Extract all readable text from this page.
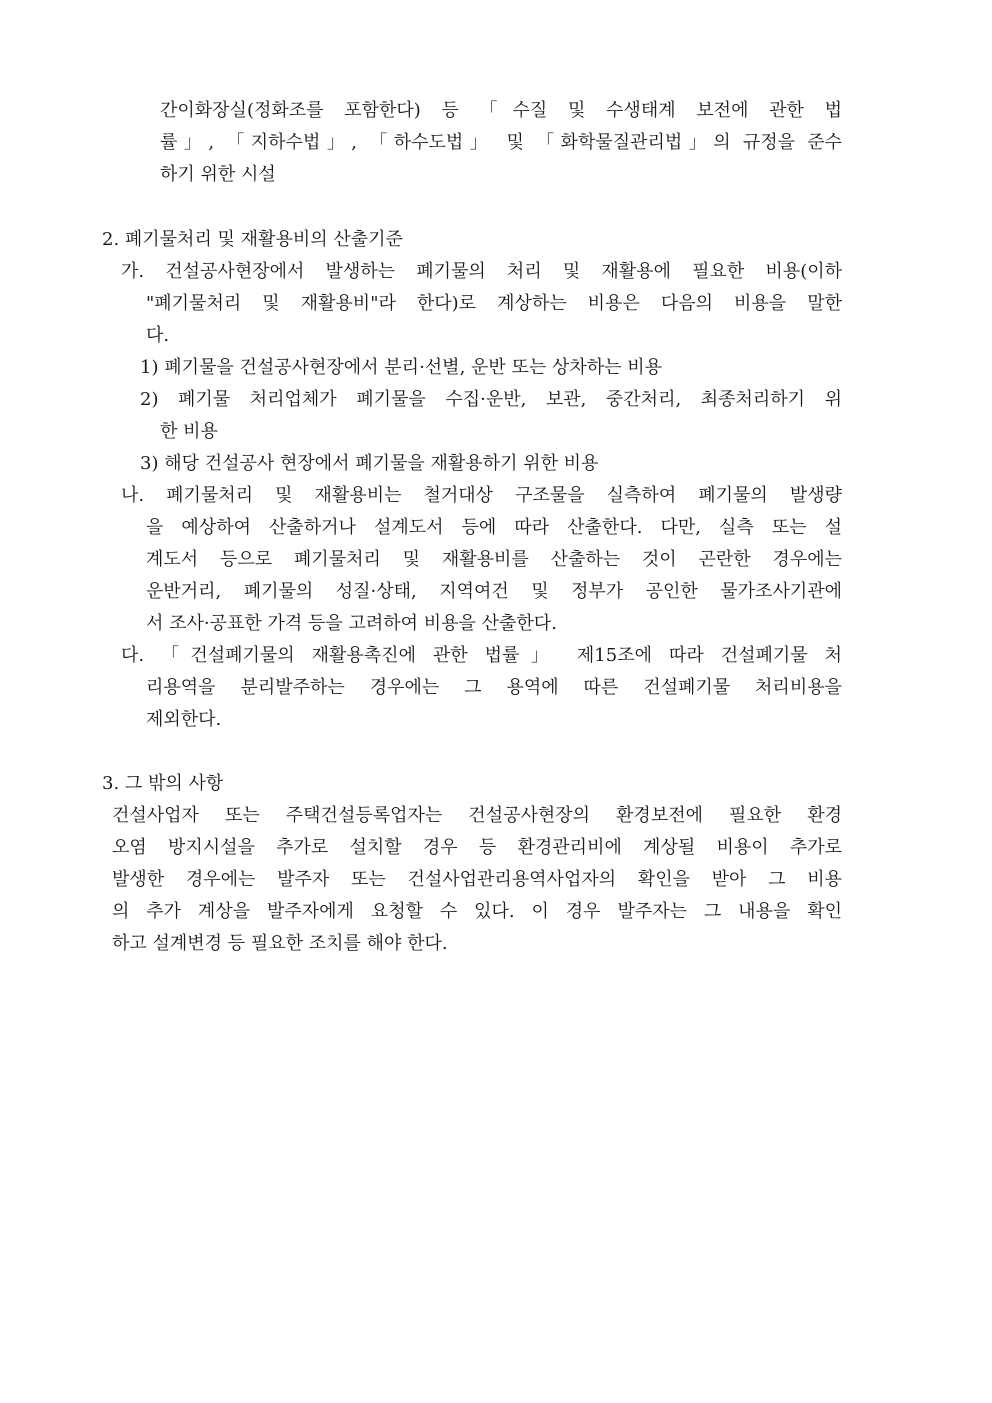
간이화장실(정화조를 포함한다) 등 「수질 및 수생태계 보전에 관한 법
률」, 「지하수법」, 「하수도법」 및 「화학물질관리법」의 규정을 준수
하기 위한 시설
2. 폐기물처리 및 재활용비의 산출기준
가. 건설공사현장에서 발생하는 폐기물의 처리 및 재활용에 필요한 비용(이하
"폐기물처리 및 재활용비"라 한다)로 계상하는 비용은 다음의 비용을 말한
다.
1) 폐기물을 건설공사현장에서 분리·선별, 운반 또는 상차하는 비용
2) 폐기물 처리업체가 폐기물을 수집·운반, 보관, 중간처리, 최종처리하기 위
한 비용
3) 해당 건설공사 현장에서 폐기물을 재활용하기 위한 비용
나. 폐기물처리 및 재활용비는 철거대상 구조물을 실측하여 폐기물의 발생량
을 예상하여 산출하거나 설계도서 등에 따라 산출한다. 다만, 실측 또는 설
계도서 등으로 폐기물처리 및 재활용비를 산출하는 것이 곤란한 경우에는
운반거리, 폐기물의 성질·상태, 지역여건 및 정부가 공인한 물가조사기관에
서 조사·공표한 가격 등을 고려하여 비용을 산출한다.
다. 「건설폐기물의 재활용촉진에 관한 법률」 제15조에 따라 건설폐기물 처
리용역을 분리발주하는 경우에는 그 용역에 따른 건설폐기물 처리비용을
제외한다.
3. 그 밖의 사항
건설사업자 또는 주택건설등록업자는 건설공사현장의 환경보전에 필요한 환경
오염 방지시설을 추가로 설치할 경우 등 환경관리비에 계상될 비용이 추가로
발생한 경우에는 발주자 또는 건설사업관리용역사업자의 확인을 받아 그 비용
의 추가 계상을 발주자에게 요청할 수 있다. 이 경우 발주자는 그 내용을 확인
하고 설계변경 등 필요한 조치를 해야 한다.
